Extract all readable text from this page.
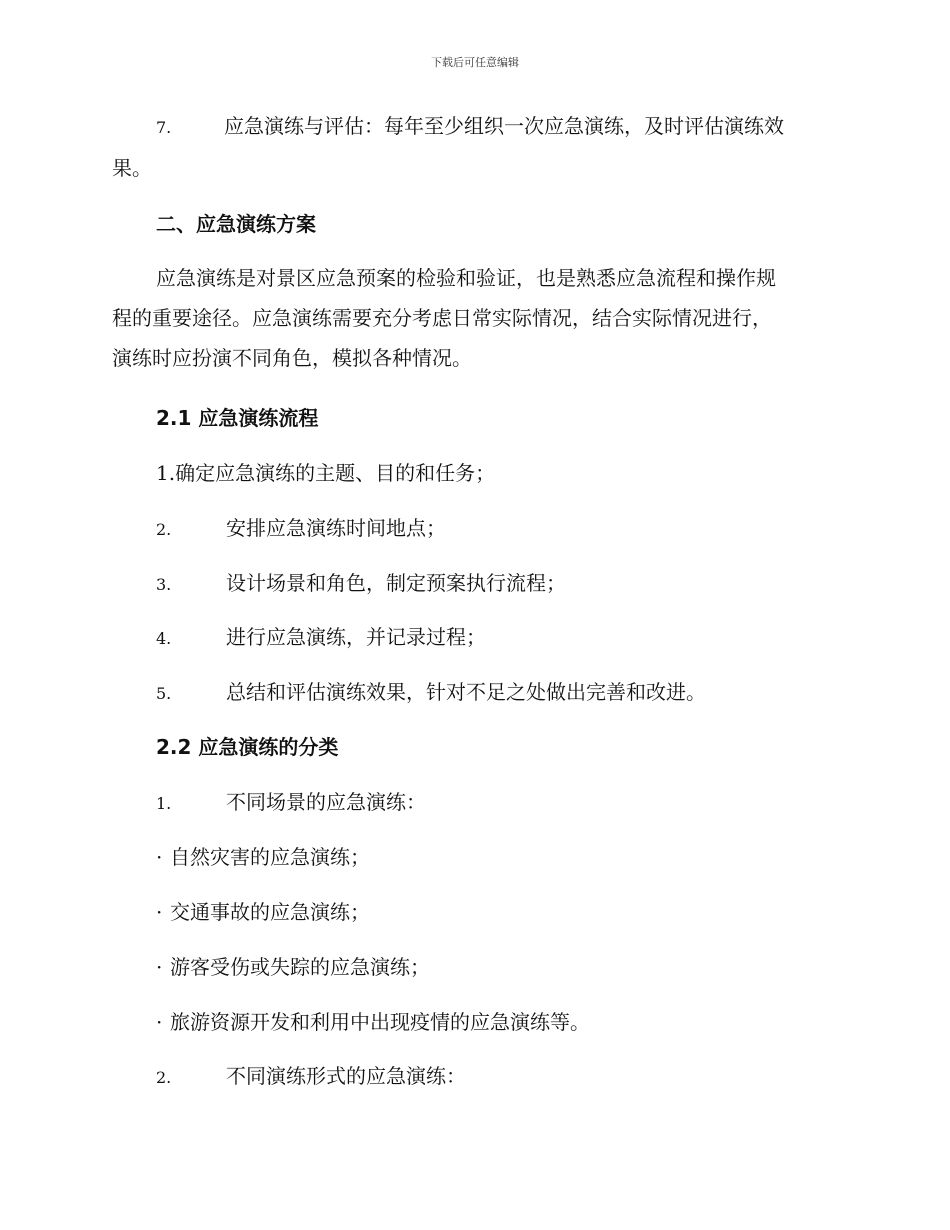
下载后可任意编辑
7.	应急演练与评估：每年至少组织一次应急演练，及时评估演练效
果。
二、应急演练方案
应急演练是对景区应急预案的检验和验证，也是熟悉应急流程和操作规
程的重要途径。应急演练需要充分考虑日常实际情况，结合实际情况进行，
演练时应扮演不同角色，模拟各种情况。
2.1 应急演练流程
1.确定应急演练的主题、目的和任务；
2.	安排应急演练时间地点；
3.	设计场景和角色，制定预案执行流程；
4.	进行应急演练，并记录过程；
5.	总结和评估演练效果，针对不足之处做出完善和改进。
2.2 应急演练的分类
1.	不同场景的应急演练：
· 自然灾害的应急演练；
· 交通事故的应急演练；
· 游客受伤或失踪的应急演练；
· 旅游资源开发和利用中出现疫情的应急演练等。
2.	不同演练形式的应急演练：
